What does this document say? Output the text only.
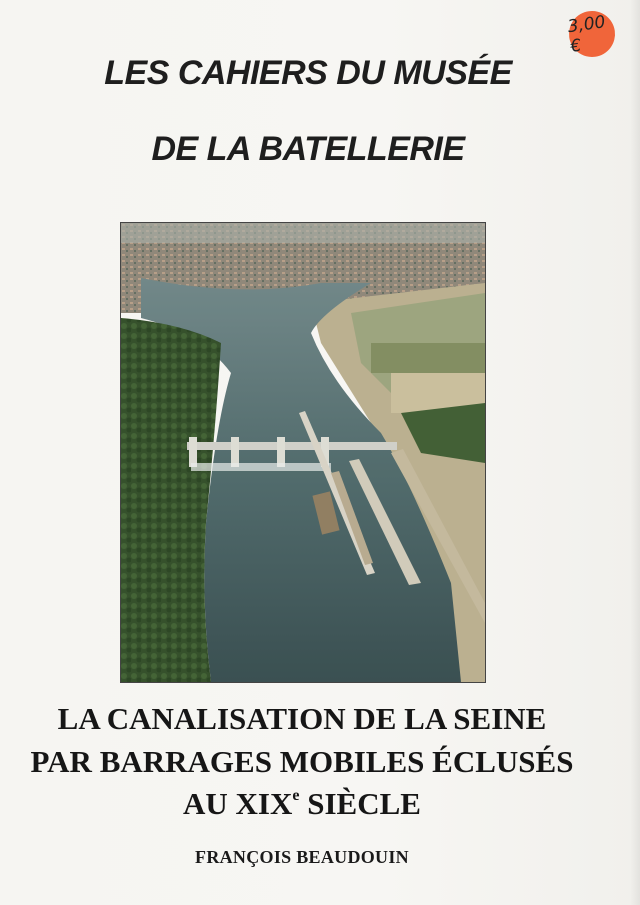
3,00 €
LES CAHIERS DU MUSÉE
DE LA BATELLERIE
LA CANALISATION DE LA SEINE
PAR BARRAGES MOBILES ÉCLUSÉS
AU XIXe SIÈCLE
FRANÇOIS BEAUDOUIN
